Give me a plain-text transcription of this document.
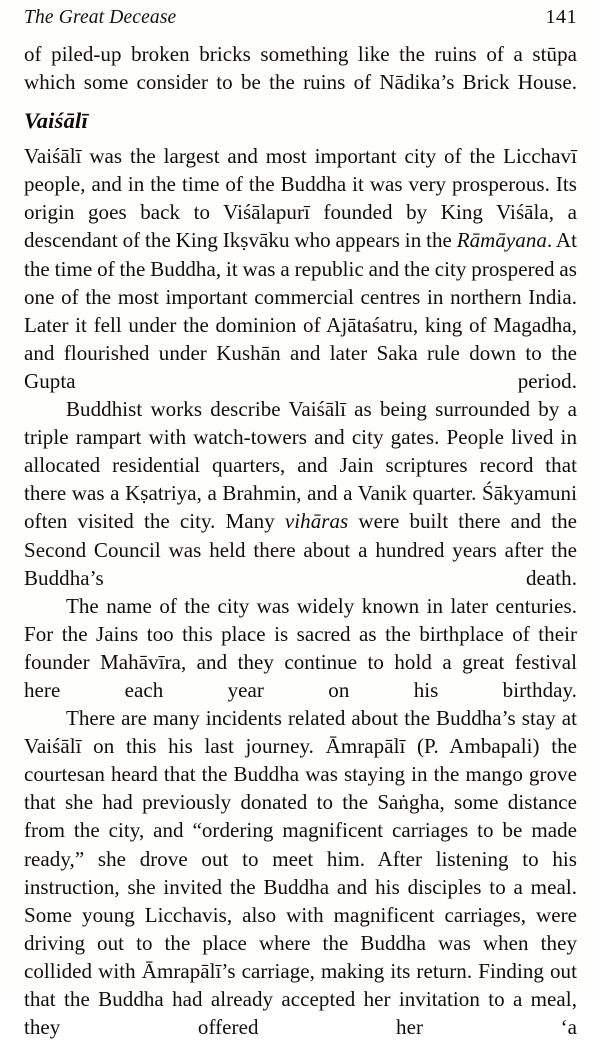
The Great Decease	141

of piled-up broken bricks something like the ruins of a stūpa which some consider to be the ruins of Nādika’s Brick House.

Vaiśālī

Vaiśālī was the largest and most important city of the Licchavī people, and in the time of the Buddha it was very prosperous. Its origin goes back to Viśālapurī founded by King Viśāla, a descendant of the King Ikṣvāku who appears in the Rāmāyana. At the time of the Buddha, it was a republic and the city prospered as one of the most important commercial centres in northern India. Later it fell under the dominion of Ajātaśatru, king of Magadha, and flourished under Kushān and later Saka rule down to the Gupta period.

Buddhist works describe Vaiśālī as being surrounded by a triple rampart with watch-towers and city gates. People lived in allocated residential quarters, and Jain scriptures record that there was a Kṣatriya, a Brahmin, and a Vanik quarter. Śākyamuni often visited the city. Many vihāras were built there and the Second Council was held there about a hundred years after the Buddha’s death.

The name of the city was widely known in later centuries. For the Jains too this place is sacred as the birthplace of their founder Mahāvīra, and they continue to hold a great festival here each year on his birthday.

There are many incidents related about the Buddha’s stay at Vaiśālī on this his last journey. Āmrapālī (P. Ambapali) the courtesan heard that the Buddha was staying in the mango grove that she had previously donated to the Saṅgha, some distance from the city, and “ordering magnificent carriages to be made ready,” she drove out to meet him. After listening to his instruction, she invited the Buddha and his disciples to a meal. Some young Licchavis, also with magnificent carriages, were driving out to the place where the Buddha was when they collided with Āmrapālī’s carriage, making its return. Finding out that the Buddha had already accepted her invitation to a meal, they offered her ‘a
